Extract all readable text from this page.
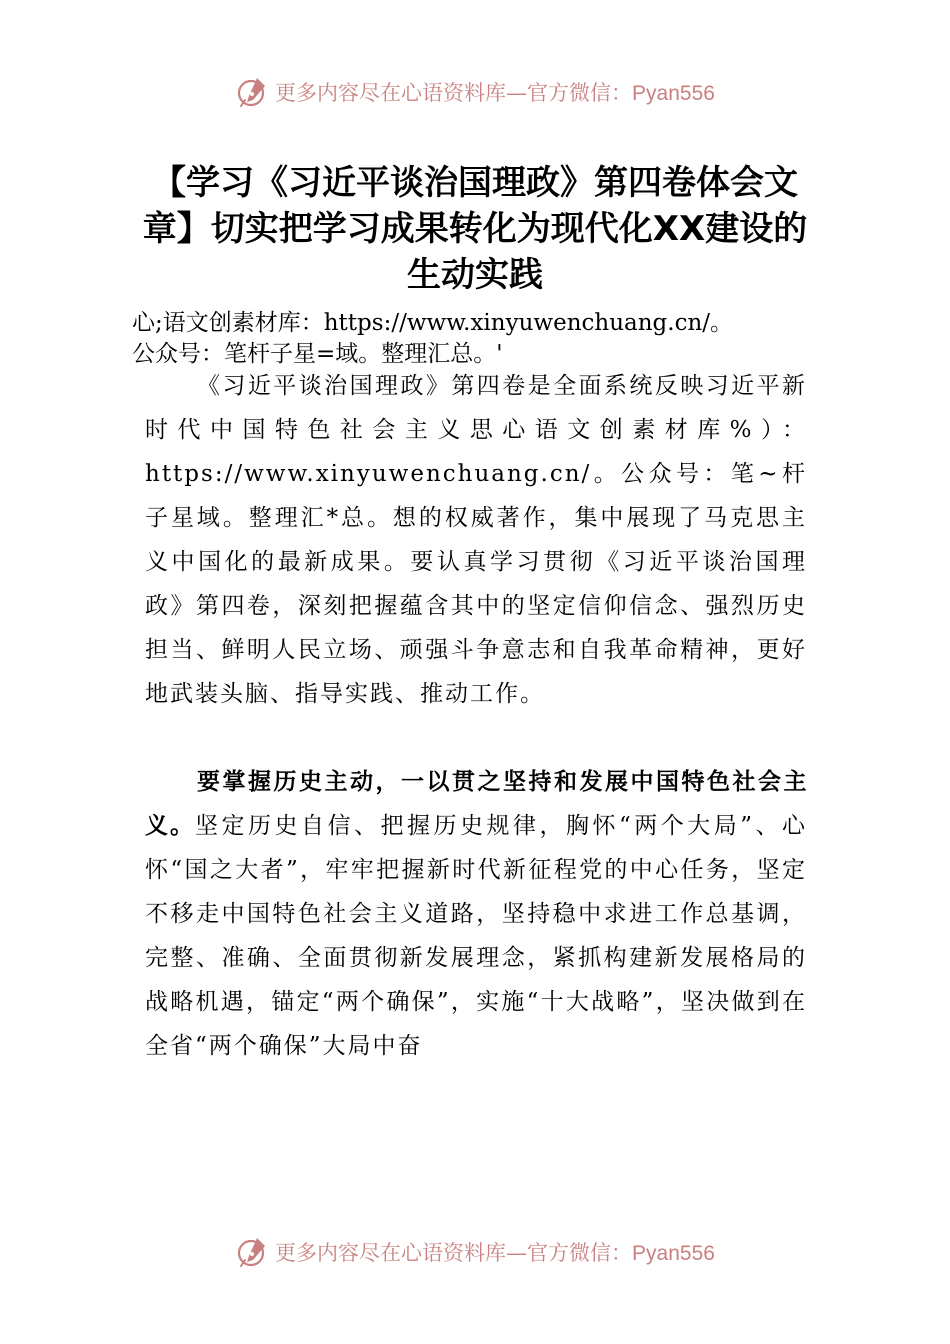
更多内容尽在心语资料库—官方微信：Pyan556
【学习《习近平谈治国理政》第四卷体会文章】切实把学习成果转化为现代化XX建设的生动实践
心;语文创素材库：https://www.xinyuwenchuang.cn/。
公众号：笔杆子星=域。整理汇总。'

《习近平谈治国理政》第四卷是全面系统反映习近平新时代中国特色社会主义思心语文创素材库%）：https://www.xinyuwenchuang.cn/。公众号：笔~杆子星域。整理汇*总。想的权威著作，集中展现了马克思主义中国化的最新成果。要认真学习贯彻《习近平谈治国理政》第四卷，深刻把握蕴含其中的坚定信仰信念、强烈历史担当、鲜明人民立场、顽强斗争意志和自我革命精神，更好地武装头脑、指导实践、推动工作。

要掌握历史主动，一以贯之坚持和发展中国特色社会主义。坚定历史自信、把握历史规律，胸怀“两个大局”、心怀“国之大者”，牢牢把握新时代新征程党的中心任务，坚定不移走中国特色社会主义道路，坚持稳中求进工作总基调，完整、准确、全面贯彻新发展理念，紧抓构建新发展格局的战略机遇，锚定“两个确保”，实施“十大战略”，坚决做到在全省“两个确保”大局中奋

更多内容尽在心语资料库—官方微信：Pyan556
